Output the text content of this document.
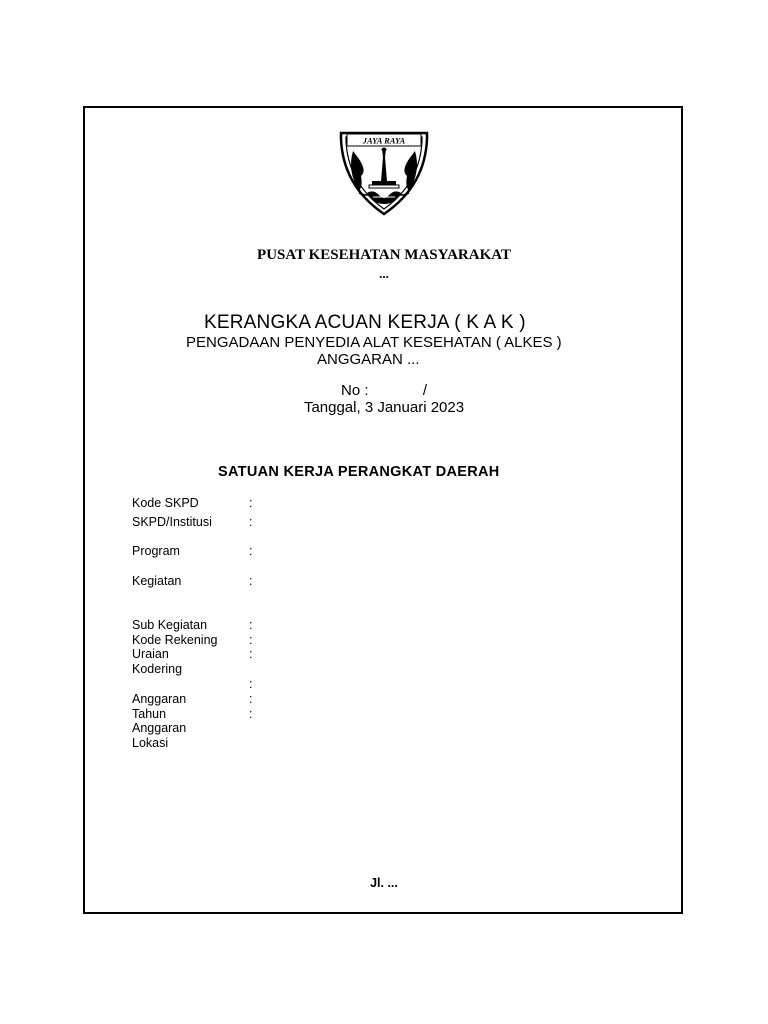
JAYA RAYA
PUSAT KESEHATAN MASYARAKAT
...
KERANGKA ACUAN KERJA ( K A K )
PENGADAAN PENYEDIA ALAT KESEHATAN ( ALKES )
ANGGARAN ...
No :	/
Tanggal, 3 Januari 2023
SATUAN KERJA PERANGKAT DAERAH
Kode SKPD
SKPD/Institusi
Program
Kegiatan
Sub Kegiatan
Kode Rekening
Uraian
Kodering
Anggaran
Tahun
Anggaran
Lokasi
:
:
:
:
:
:
:
:
:
:
Jl. ...
